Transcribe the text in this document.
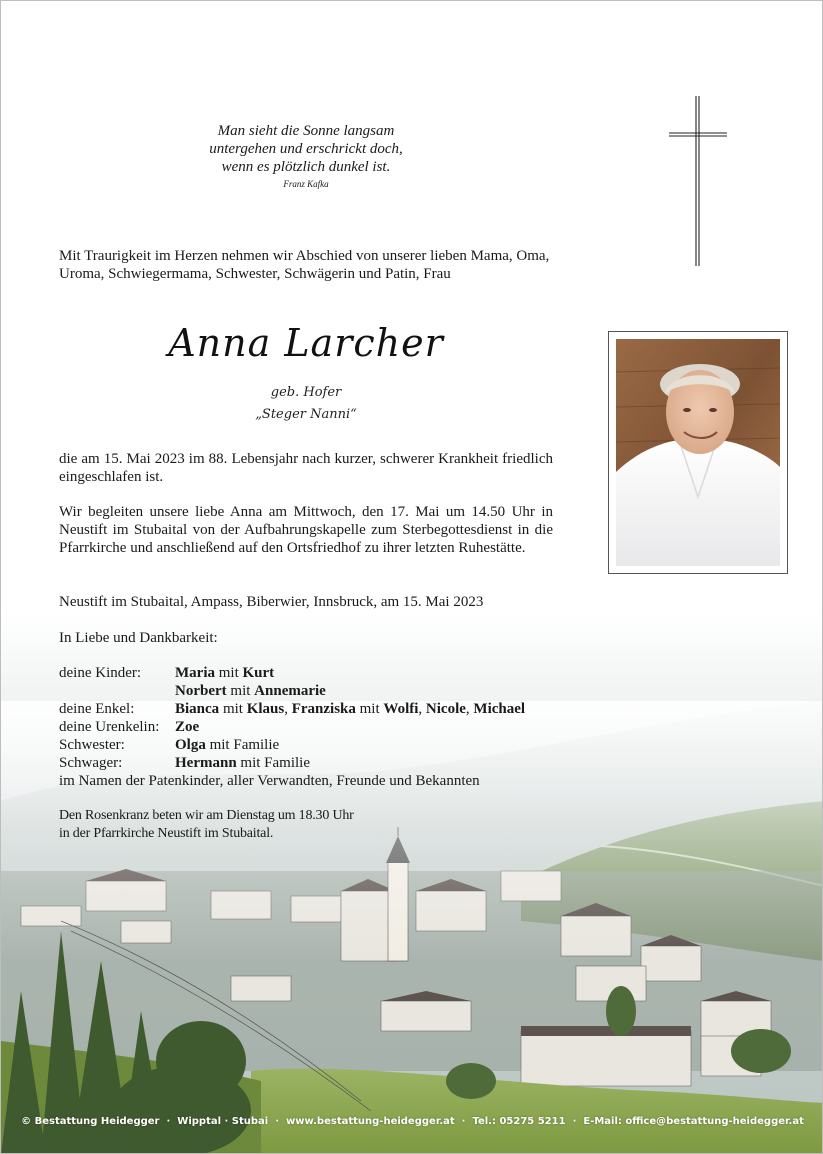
Man sieht die Sonne langsam
untergehen und erschrickt doch,
wenn es plötzlich dunkel ist.
Franz Kafka
Mit Traurigkeit im Herzen nehmen wir Abschied von unserer lieben Mama, Oma, Uroma, Schwiegermama, Schwester, Schwägerin und Patin, Frau
Anna Larcher
geb. Hofer
„Steger Nanni“
die am 15. Mai 2023 im 88. Lebensjahr nach kurzer, schwerer Krankheit friedlich eingeschlafen ist.
Wir begleiten unsere liebe Anna am Mittwoch, den 17. Mai um 14.50 Uhr in Neustift im Stubaital von der Aufbahrungskapelle zum Sterbegottesdienst in die Pfarrkirche und anschließend auf den Ortsfriedhof zu ihrer letzten Ruhestätte.
Neustift im Stubaital, Ampass, Biberwier, Innsbruck, am 15. Mai 2023
In Liebe und Dankbarkeit:
deine Kinder: Maria mit Kurt
Norbert mit Annemarie
deine Enkel:	Bianca mit Klaus, Franziska mit Wolfi, Nicole, Michael
deine Urenkelin: Zoe
Schwester:	Olga mit Familie
Schwager:	Hermann mit Familie
im Namen der Patenkinder, aller Verwandten, Freunde und Bekannten
Den Rosenkranz beten wir am Dienstag um 18.30 Uhr
in der Pfarrkirche Neustift im Stubaital.
© Bestattung Heidegger · Wipptal · Stubai · www.bestattung-heidegger.at · Tel.: 05275 5211 · E-Mail: office@bestattung-heidegger.at
